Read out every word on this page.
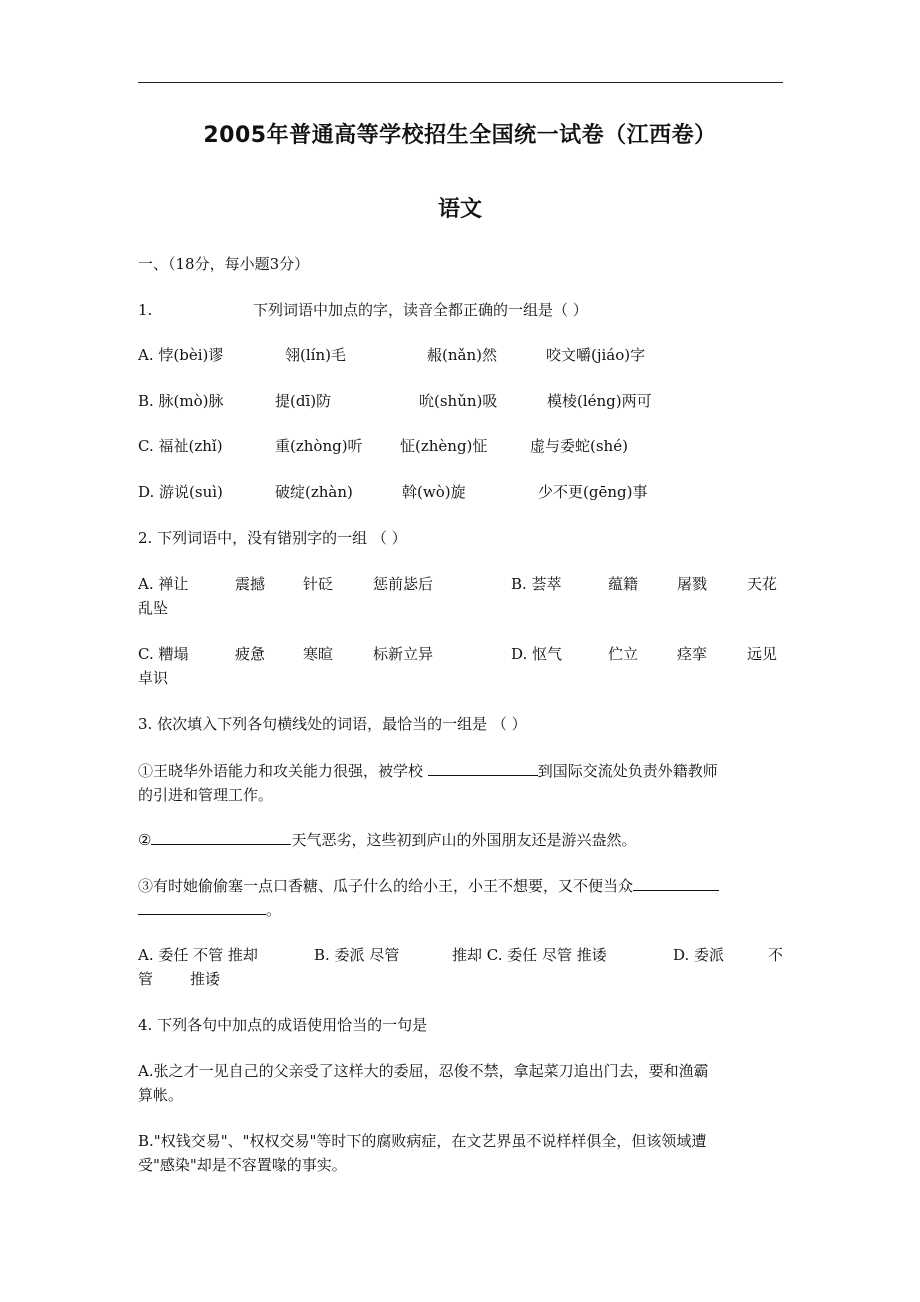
2005年普通高等学校招生全国统一试卷（江西卷）
语文
一、（18分，每小题3分）
1.	下列词语中加点的字，读音全都正确的一组是（ ）
A. 悖(bèi)谬	翎(lín)毛	赧(nǎn)然	咬文嚼(jiáo)字
B. 脉(mò)脉	提(dī)防	吮(shǔn)吸	模棱(léng)两可
C. 福祉(zhǐ)	重(zhòng)听 怔(zhèng)怔	虚与委蛇(shé)
D. 游说(suì)	破绽(zhàn)	斡(wò)旋	少不更(gēng)事
2. 下列词语中，没有错别字的一组 （ ）
A. 禅让	震撼	针砭	惩前毖后	B. 荟萃	蕴籍	屠戮	天花
乱坠
C. 糟塌	疲惫	寒暄	标新立异	D. 怄气	伫立	痉挛	远见
卓识
3. 依次填入下列各句横线处的词语，最恰当的一组是 （ ）
①王晓华外语能力和攻关能力很强，被学校	到国际交流处负责外籍教师
的引进和管理工作。
②	天气恶劣，这些初到庐山的外国朋友还是游兴盎然。
③有时她偷偷塞一点口香糖、瓜子什么的给小王，小王不想要，又不便当众
。
A. 委任 不管 推却	B. 委派 尽管	推却 C. 委任 尽管 推诿	D. 委派	不
管 推诿
4. 下列各句中加点的成语使用恰当的一句是
A.张之才一见自己的父亲受了这样大的委屈，忍俊不禁，拿起菜刀追出门去，要和渔霸
算帐。
B."权钱交易"、"权权交易"等时下的腐败病症，在文艺界虽不说样样俱全，但该领域遭
受"感染"却是不容置喙的事实。
